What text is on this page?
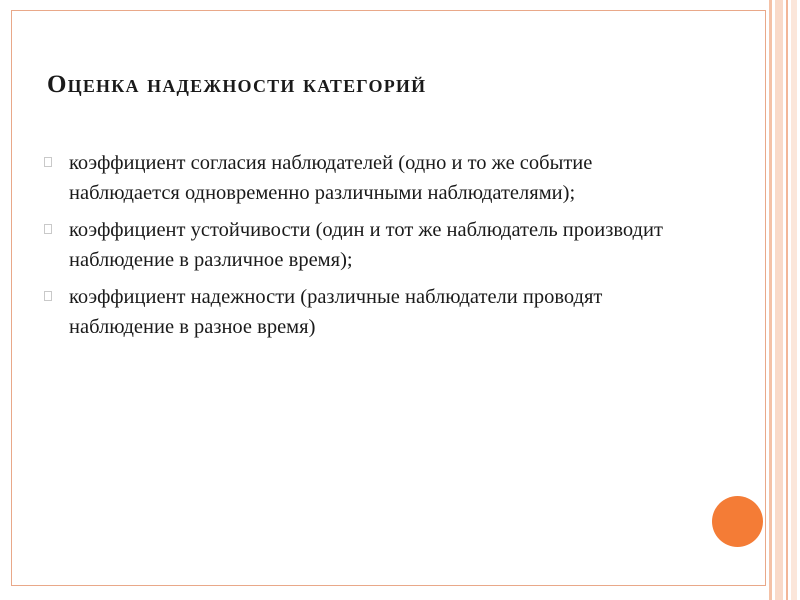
Оценка надежности категорий
коэффициент согласия наблюдателей (одно и то же событие наблюдается одновременно различными наблюдателями);
коэффициент устойчивости (один и тот же наблюдатель производит наблюдение в различное время);
коэффициент надежности (различные наблюдатели проводят наблюдение в разное время)
